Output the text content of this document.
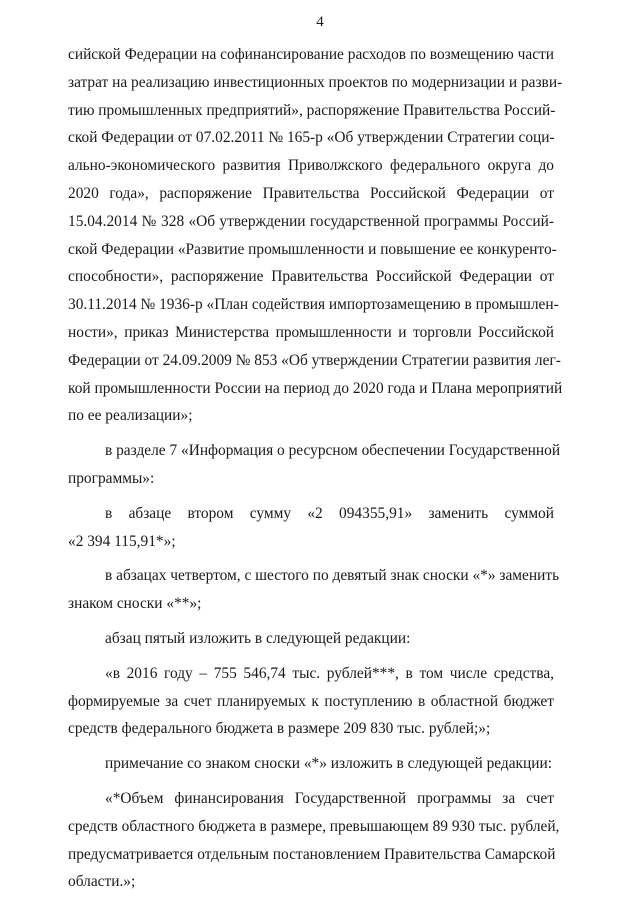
4
сийской Федерации на софинансирование расходов по возмещению части
затрат на реализацию инвестиционных проектов по модернизации и разви-
тию промышленных предприятий», распоряжение Правительства Россий-
ской Федерации от 07.02.2011 № 165-р «Об утверждении Стратегии соци-
ально-экономического развития Приволжского федерального округа до
2020 года», распоряжение Правительства Российской Федерации от
15.04.2014 № 328 «Об утверждении государственной программы Россий-
ской Федерации «Развитие промышленности и повышение ее конкуренто-
способности», распоряжение Правительства Российской Федерации от
30.11.2014 № 1936-р «План содействия импортозамещению в промышлен-
ности», приказ Министерства промышленности и торговли Российской
Федерации от 24.09.2009 № 853 «Об утверждении Стратегии развития лег-
кой промышленности России на период до 2020 года и Плана мероприятий
по ее реализации»;
в разделе 7 «Информация о ресурсном обеспечении Государственной
программы»:
в абзаце втором сумму «2 094355,91» заменить суммой
«2 394 115,91*»;
в абзацах четвертом, с шестого по девятый знак сноски «*» заменить
знаком сноски «**»;
абзац пятый изложить в следующей редакции:
«в 2016 году – 755 546,74 тыс. рублей***, в том числе средства,
формируемые за счет планируемых к поступлению в областной бюджет
средств федерального бюджета в размере 209 830 тыс. рублей;»;
примечание со знаком сноски «*» изложить в следующей редакции:
«*Объем финансирования Государственной программы за счет
средств областного бюджета в размере, превышающем 89 930 тыс. рублей,
предусматривается отдельным постановлением Правительства Самарской
области.»;
